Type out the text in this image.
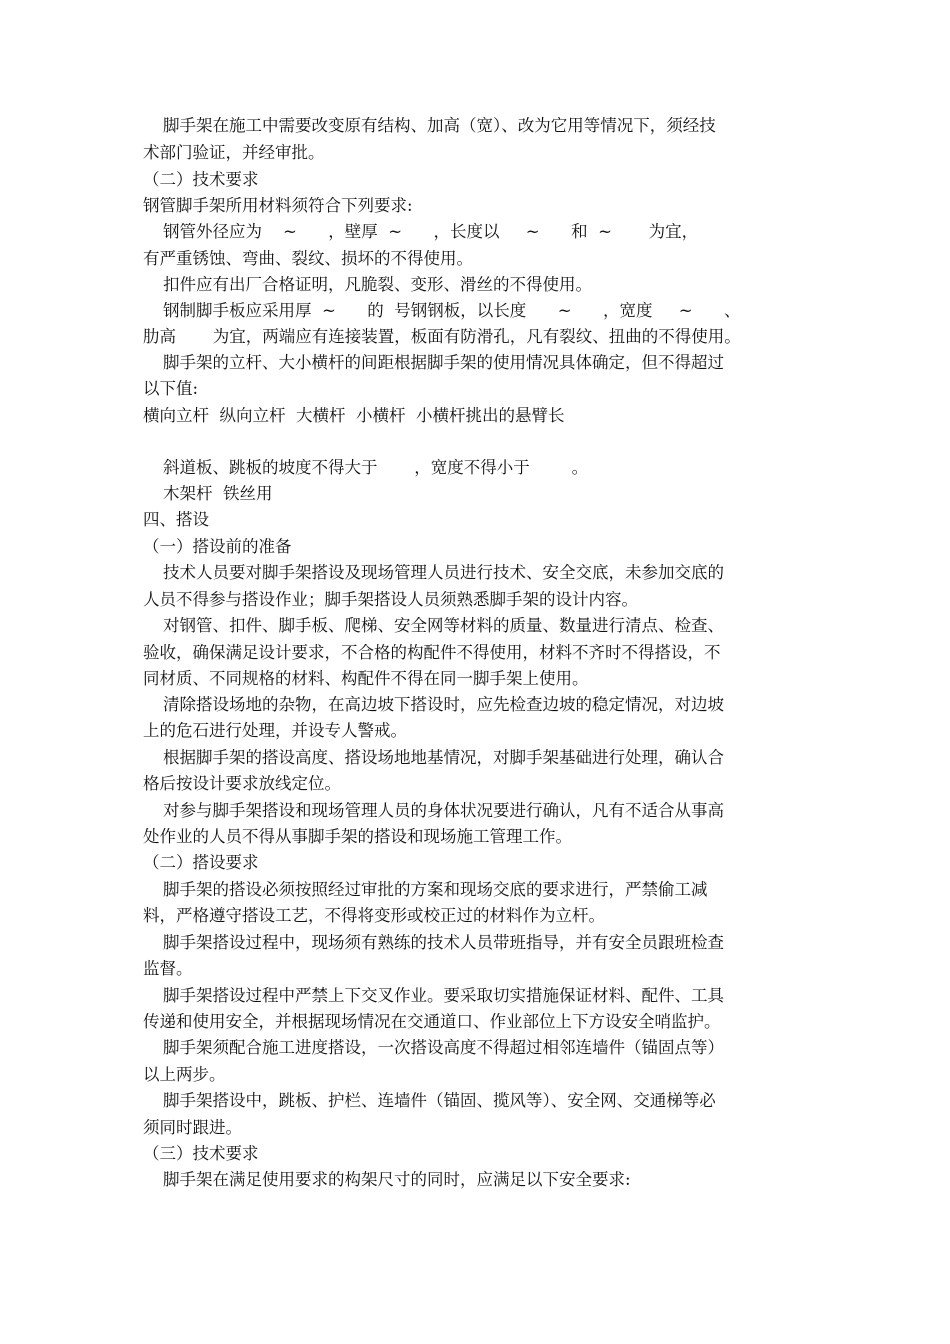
脚手架在施工中需要改变原有结构、加高（宽）、改为它用等情况下，须经技
术部门验证，并经审批。
（二）技术要求
钢管脚手架所用材料须符合下列要求:
钢管外径应为    ~      ，壁厚  ~      ，长度以     ~      和  ~       为宜，
有严重锈蚀、弯曲、裂纹、损坏的不得使用。
扣件应有出厂合格证明，凡脆裂、变形、滑丝的不得使用。
钢制脚手板应采用厚  ~      的  号钢钢板，以长度      ~      ，宽度     ~      、
肋高       为宜，两端应有连接装置，板面有防滑孔，凡有裂纹、扭曲的不得使用。
脚手架的立杆、大小横杆的间距根据脚手架的使用情况具体确定，但不得超过
以下值:
横向立杆  纵向立杆  大横杆  小横杆  小横杆挑出的悬臂长
斜道板、跳板的坡度不得大于       ，宽度不得小于        。
木架杆  铁丝用
四、搭设
（一）搭设前的准备
技术人员要对脚手架搭设及现场管理人员进行技术、安全交底，未参加交底的
人员不得参与搭设作业；脚手架搭设人员须熟悉脚手架的设计内容。
对钢管、扣件、脚手板、爬梯、安全网等材料的质量、数量进行清点、检查、
验收，确保满足设计要求，不合格的构配件不得使用，材料不齐时不得搭设，不
同材质、不同规格的材料、构配件不得在同一脚手架上使用。
清除搭设场地的杂物，在高边坡下搭设时，应先检查边坡的稳定情况，对边坡
上的危石进行处理，并设专人警戒。
根据脚手架的搭设高度、搭设场地地基情况，对脚手架基础进行处理，确认合
格后按设计要求放线定位。
对参与脚手架搭设和现场管理人员的身体状况要进行确认，凡有不适合从事高
处作业的人员不得从事脚手架的搭设和现场施工管理工作。
（二）搭设要求
脚手架的搭设必须按照经过审批的方案和现场交底的要求进行，严禁偷工减
料，严格遵守搭设工艺，不得将变形或校正过的材料作为立杆。
脚手架搭设过程中，现场须有熟练的技术人员带班指导，并有安全员跟班检查
监督。
脚手架搭设过程中严禁上下交叉作业。要采取切实措施保证材料、配件、工具
传递和使用安全，并根据现场情况在交通道口、作业部位上下方设安全哨监护。
脚手架须配合施工进度搭设，一次搭设高度不得超过相邻连墙件（锚固点等）
以上两步。
脚手架搭设中，跳板、护栏、连墙件（锚固、揽风等）、安全网、交通梯等必
须同时跟进。
（三）技术要求
脚手架在满足使用要求的构架尺寸的同时，应满足以下安全要求:
